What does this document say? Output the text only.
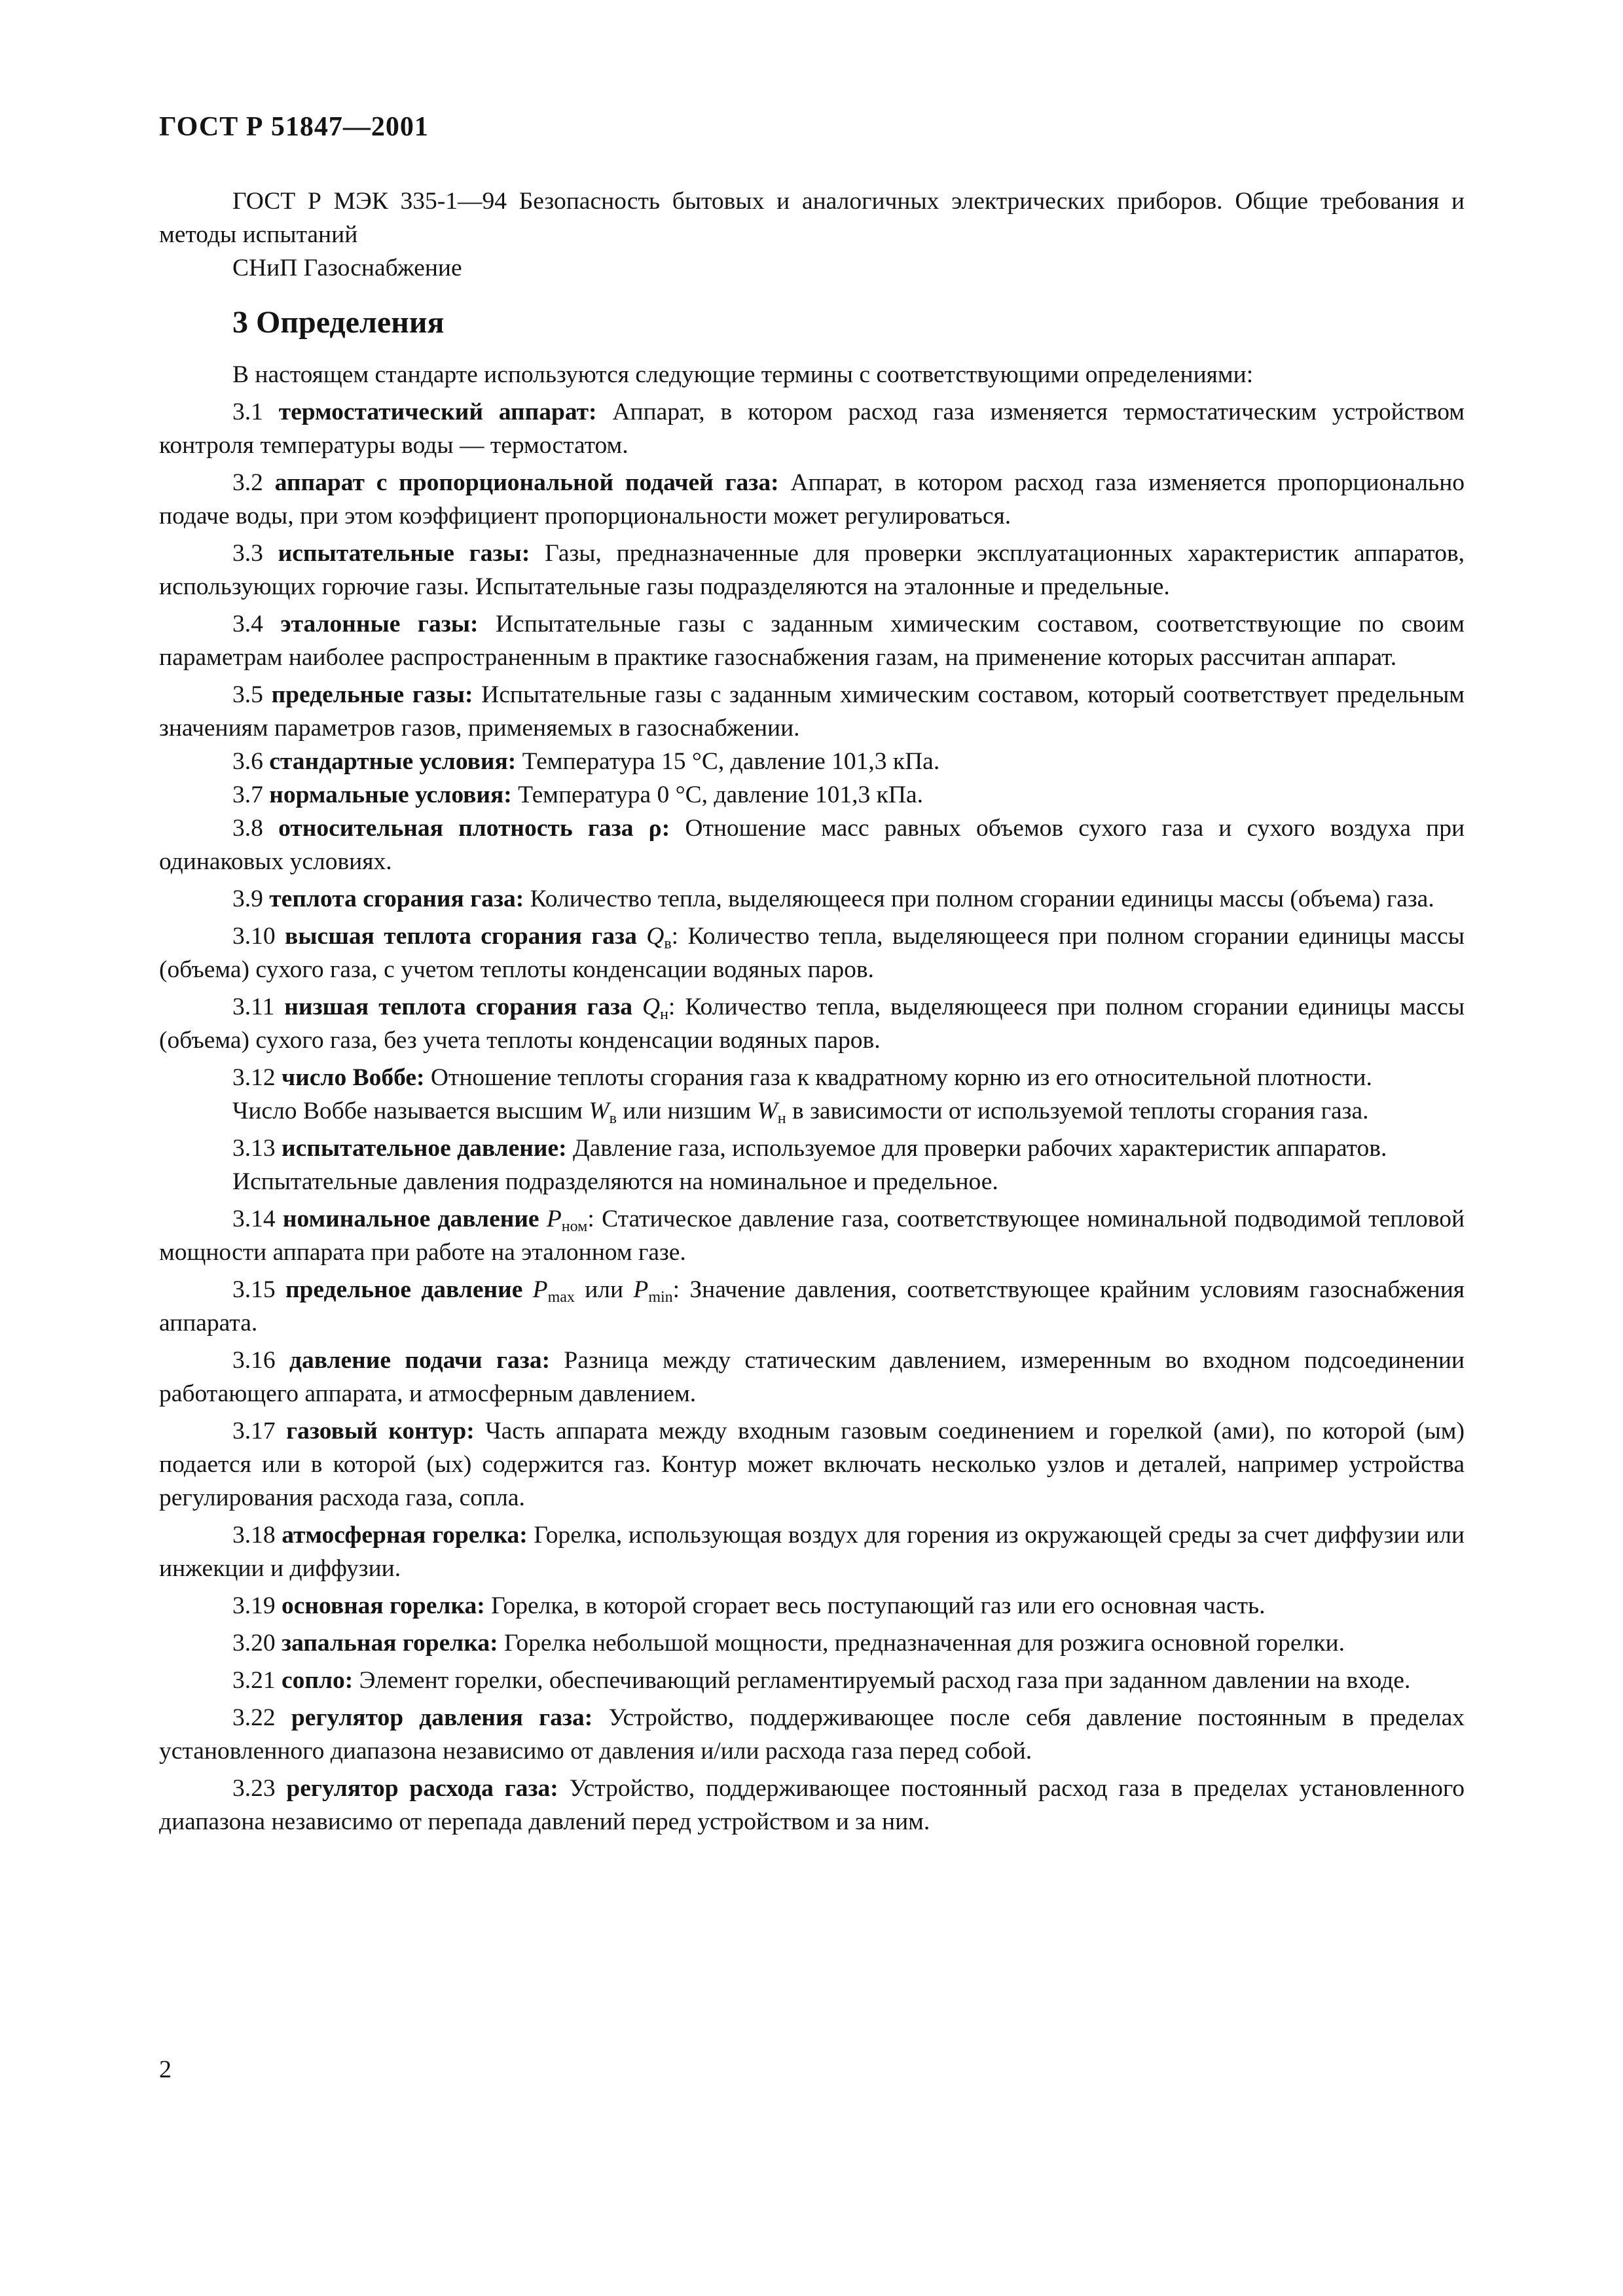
ГОСТ Р 51847—2001

ГОСТ Р МЭК 335-1—94 Безопасность бытовых и аналогичных электрических приборов. Общие требования и методы испытаний

СНиП Газоснабжение

3 Определения

В настоящем стандарте используются следующие термины с соответствующими определениями:

3.1 термостатический аппарат: Аппарат, в котором расход газа изменяется термостатическим устройством контроля температуры воды — термостатом.

3.2 аппарат с пропорциональной подачей газа: Аппарат, в котором расход газа изменяется пропорционально подаче воды, при этом коэффициент пропорциональности может регулироваться.

3.3 испытательные газы: Газы, предназначенные для проверки эксплуатационных характеристик аппаратов, использующих горючие газы. Испытательные газы подразделяются на эталонные и предельные.

3.4 эталонные газы: Испытательные газы с заданным химическим составом, соответствующие по своим параметрам наиболее распространенным в практике газоснабжения газам, на применение которых рассчитан аппарат.

3.5 предельные газы: Испытательные газы с заданным химическим составом, который соответствует предельным значениям параметров газов, применяемых в газоснабжении.

3.6 стандартные условия: Температура 15 °С, давление 101,3 кПа.

3.7 нормальные условия: Температура 0 °С, давление 101,3 кПа.

3.8 относительная плотность газа ρ: Отношение масс равных объемов сухого газа и сухого воздуха при одинаковых условиях.

3.9 теплота сгорания газа: Количество тепла, выделяющееся при полном сгорании единицы массы (объема) газа.

3.10 высшая теплота сгорания газа $Q_в$: Количество тепла, выделяющееся при полном сгорании единицы массы (объема) сухого газа, с учетом теплоты конденсации водяных паров.

3.11 низшая теплота сгорания газа $Q_н$: Количество тепла, выделяющееся при полном сгорании единицы массы (объема) сухого газа, без учета теплоты конденсации водяных паров.

3.12 число Воббе: Отношение теплоты сгорания газа к квадратному корню из его относительной плотности.

Число Воббе называется высшим $W_в$ или низшим $W_н$ в зависимости от используемой теплоты сгорания газа.

3.13 испытательное давление: Давление газа, используемое для проверки рабочих характеристик аппаратов.

Испытательные давления подразделяются на номинальное и предельное.

3.14 номинальное давление $P_{ном}$: Статическое давление газа, соответствующее номинальной подводимой тепловой мощности аппарата при работе на эталонном газе.

3.15 предельное давление $P_{max}$ или $P_{min}$: Значение давления, соответствующее крайним условиям газоснабжения аппарата.

3.16 давление подачи газа: Разница между статическим давлением, измеренным во входном подсоединении работающего аппарата, и атмосферным давлением.

3.17 газовый контур: Часть аппарата между входным газовым соединением и горелкой (ами), по которой (ым) подается или в которой (ых) содержится газ. Контур может включать несколько узлов и деталей, например устройства регулирования расхода газа, сопла.

3.18 атмосферная горелка: Горелка, использующая воздух для горения из окружающей среды за счет диффузии или инжекции и диффузии.

3.19 основная горелка: Горелка, в которой сгорает весь поступающий газ или его основная часть.

3.20 запальная горелка: Горелка небольшой мощности, предназначенная для розжига основной горелки.

3.21 сопло: Элемент горелки, обеспечивающий регламентируемый расход газа при заданном давлении на входе.

3.22 регулятор давления газа: Устройство, поддерживающее после себя давление постоянным в пределах установленного диапазона независимо от давления и/или расхода газа перед собой.

3.23 регулятор расхода газа: Устройство, поддерживающее постоянный расход газа в пределах установленного диапазона независимо от перепада давлений перед устройством и за ним.

2
